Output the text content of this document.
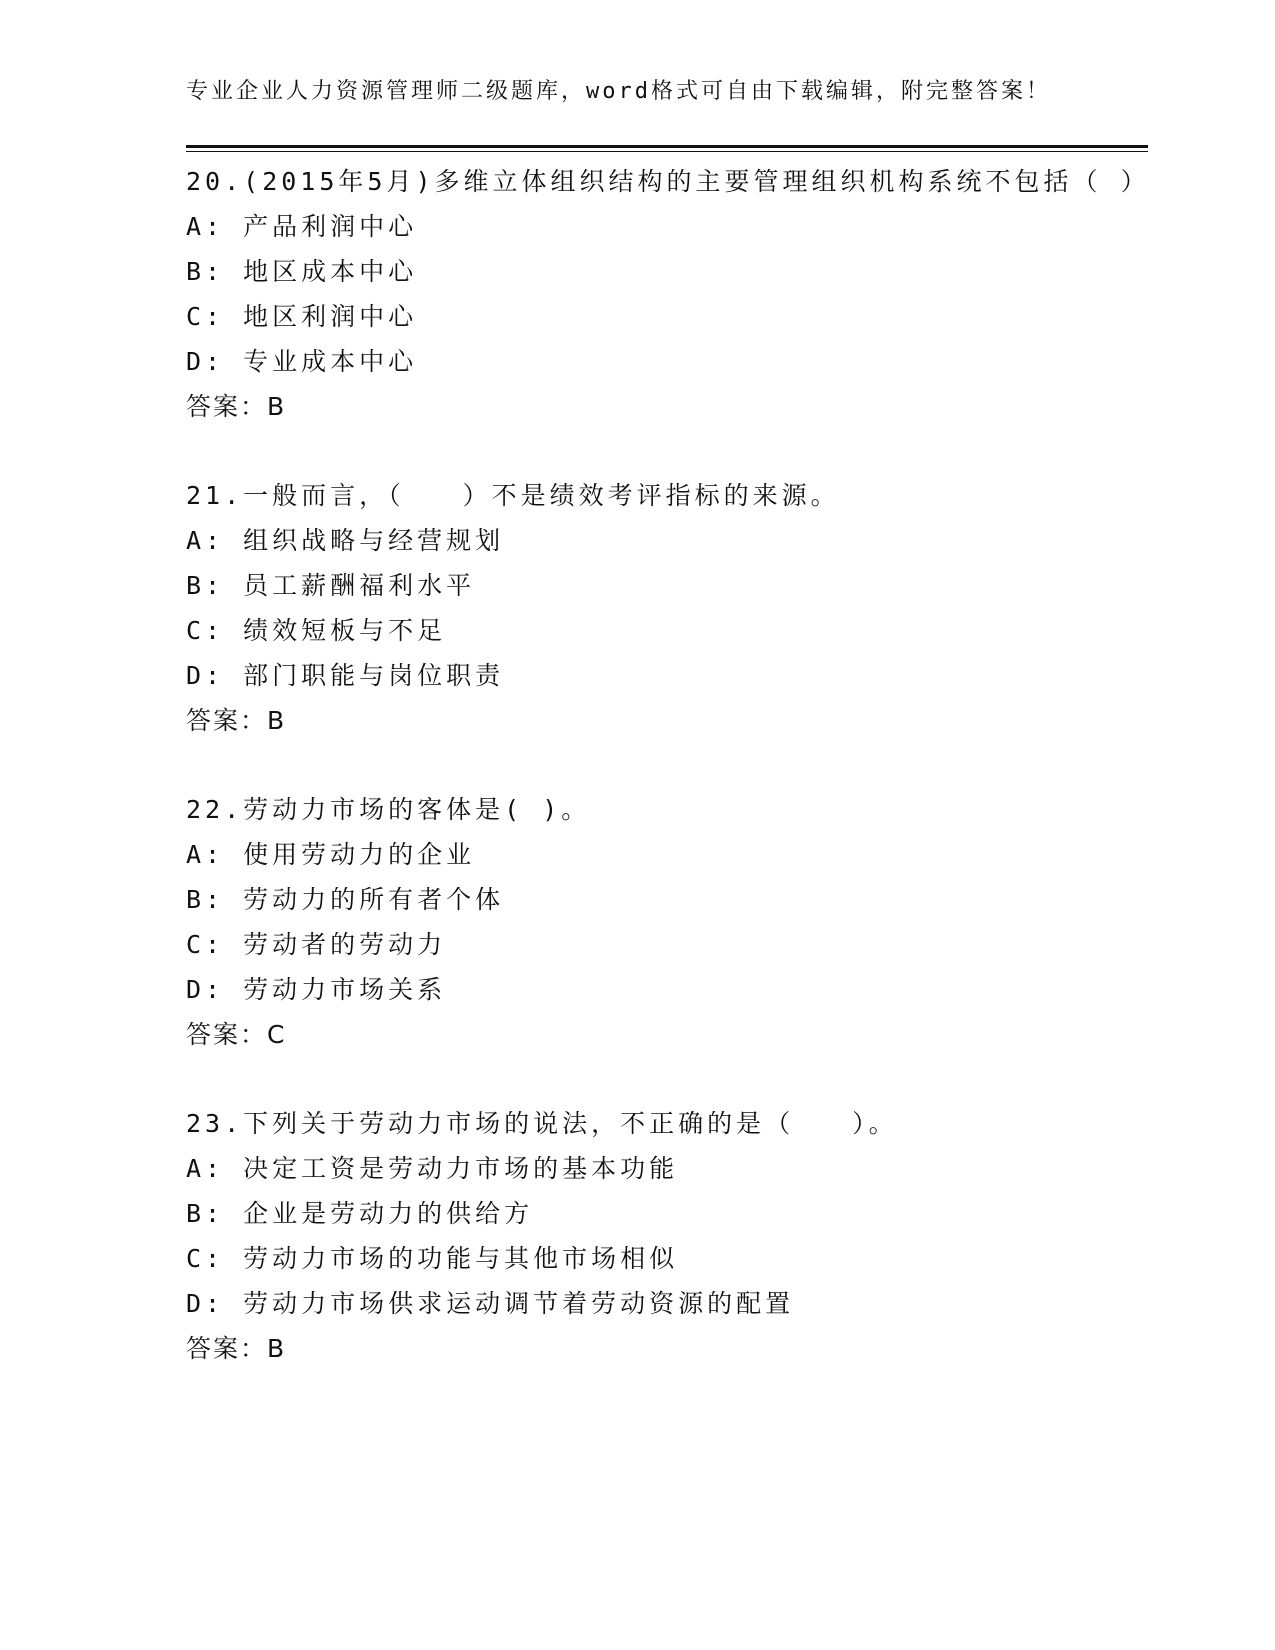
专业企业人力资源管理师二级题库，word格式可自由下载编辑，附完整答案！
20.(2015年5月)多维立体组织结构的主要管理组织机构系统不包括（ ）
A: 产品利润中心
B: 地区成本中心
C: 地区利润中心
D: 专业成本中心
答案：B
21.一般而言，（　　）不是绩效考评指标的来源。
A: 组织战略与经营规划
B: 员工薪酬福利水平
C: 绩效短板与不足
D: 部门职能与岗位职责
答案：B
22.劳动力市场的客体是( )。
A: 使用劳动力的企业
B: 劳动力的所有者个体
C: 劳动者的劳动力
D: 劳动力市场关系
答案：C
23.下列关于劳动力市场的说法，不正确的是（　　）。
A: 决定工资是劳动力市场的基本功能
B: 企业是劳动力的供给方
C: 劳动力市场的功能与其他市场相似
D: 劳动力市场供求运动调节着劳动资源的配置
答案：B
